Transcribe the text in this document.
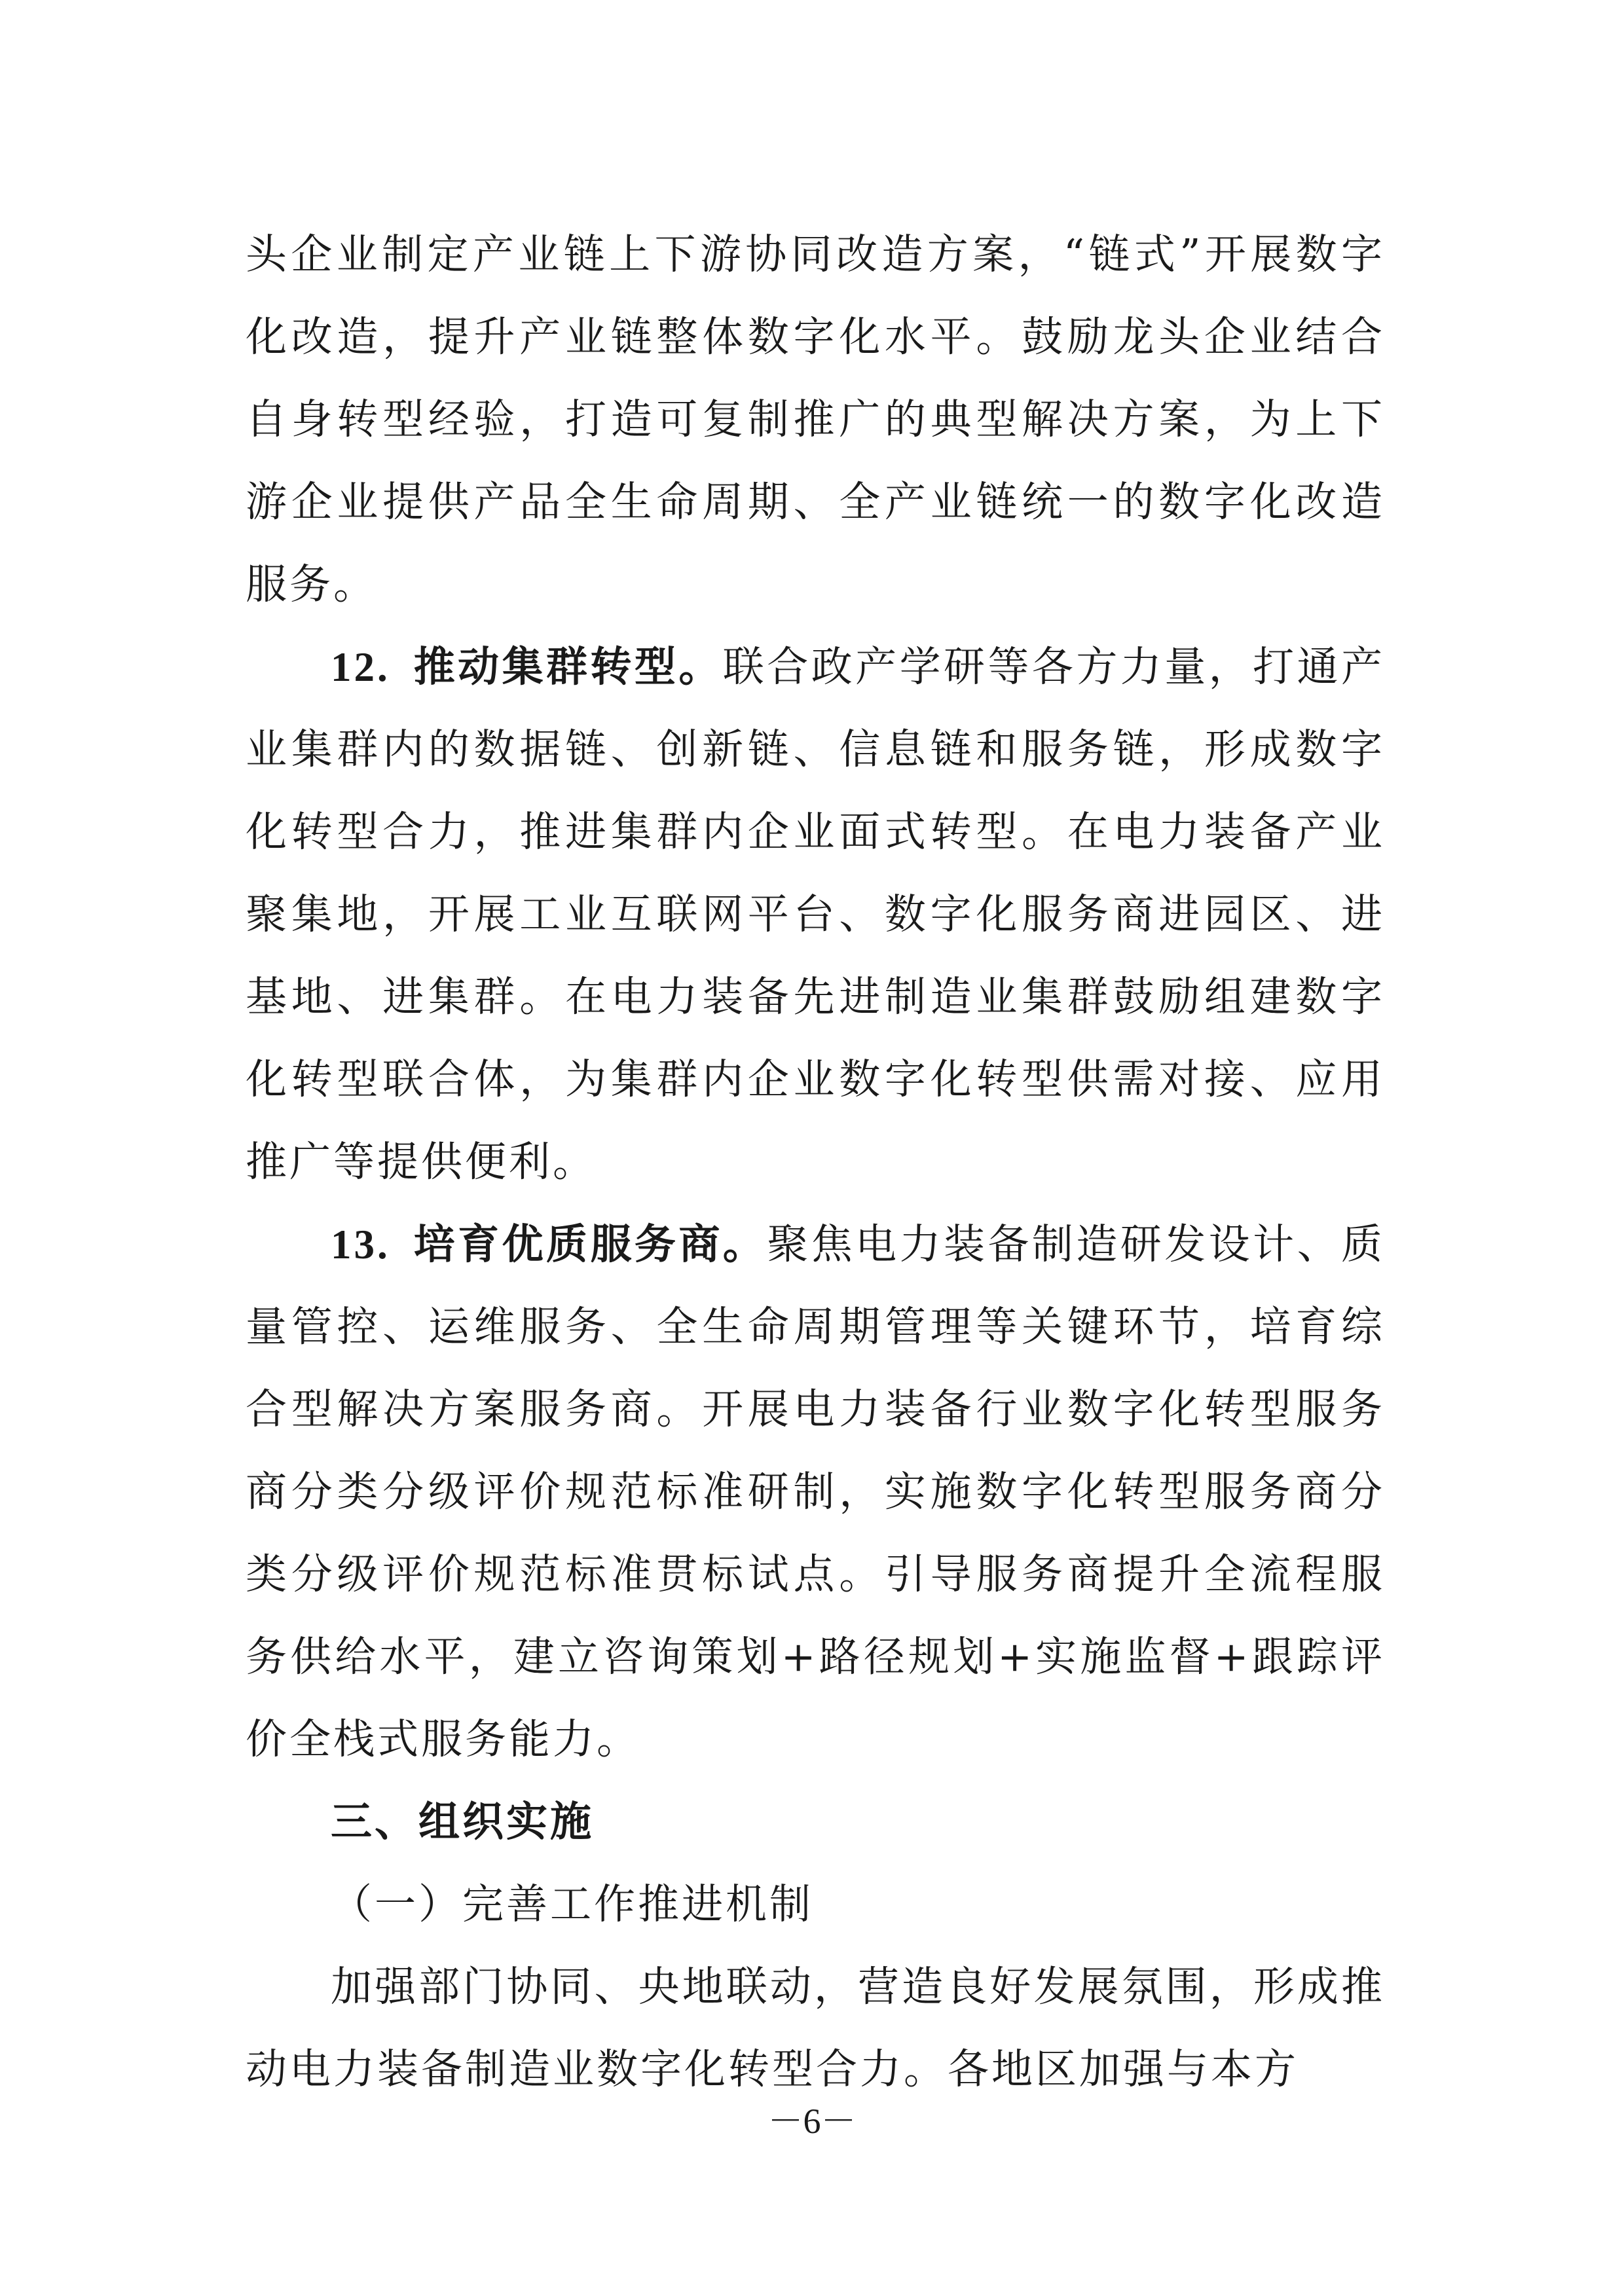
头企业制定产业链上下游协同改造方案，“链式”开展数字化改造，提升产业链整体数字化水平。鼓励龙头企业结合自身转型经验，打造可复制推广的典型解决方案，为上下游企业提供产品全生命周期、全产业链统一的数字化改造服务。

12.  推动集群转型。联合政产学研等各方力量，打通产业集群内的数据链、创新链、信息链和服务链，形成数字化转型合力，推进集群内企业面式转型。在电力装备产业聚集地，开展工业互联网平台、数字化服务商进园区、进基地、进集群。在电力装备先进制造业集群鼓励组建数字化转型联合体，为集群内企业数字化转型供需对接、应用推广等提供便利。

13.  培育优质服务商。聚焦电力装备制造研发设计、质量管控、运维服务、全生命周期管理等关键环节，培育综合型解决方案服务商。开展电力装备行业数字化转型服务商分类分级评价规范标准研制，实施数字化转型服务商分类分级评价规范标准贯标试点。引导服务商提升全流程服务供给水平，建立咨询策划+路径规划+实施监督+跟踪评价全栈式服务能力。

三、组织实施

（一）完善工作推进机制

加强部门协同、央地联动，营造良好发展氛围，形成推动电力装备制造业数字化转型合力。各地区加强与本方

－6－
